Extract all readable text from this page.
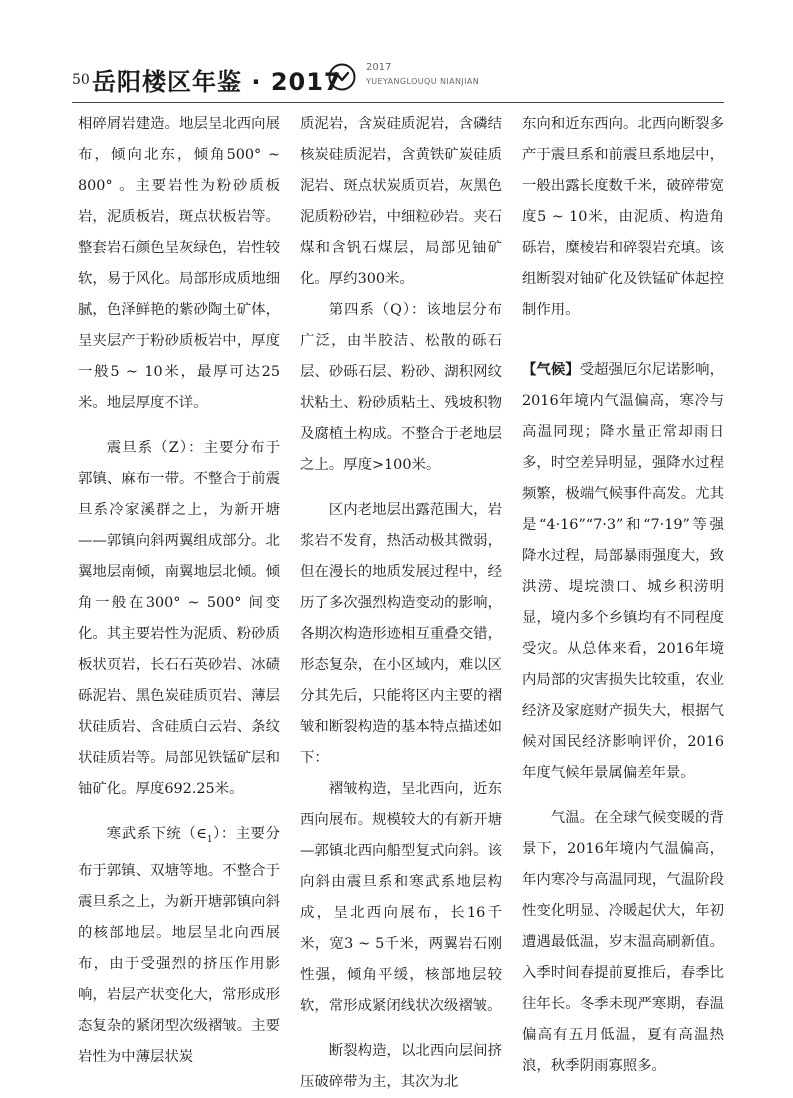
50 岳阳楼区年鉴 · 2017
2017
YUEYANGLOUQU NIANJIAN

相碎屑岩建造。地层呈北西向展布，倾向北东，倾角500° ~ 800° 。主要岩性为粉砂质板岩，泥质板岩，斑点状板岩等。整套岩石颜色呈灰绿色，岩性较软，易于风化。局部形成质地细腻，色泽鲜艳的紫砂陶土矿体，呈夹层产于粉砂质板岩中，厚度一般5 ~ 10米，最厚可达25米。地层厚度不详。

震旦系（Z）：主要分布于郭镇、麻布一带。不整合于前震旦系冷家溪群之上，为新开塘——郭镇向斜两翼组成部分。北翼地层南倾，南翼地层北倾。倾角一般在300° ~ 500° 间变化。其主要岩性为泥质、粉砂质板状页岩，长石石英砂岩、冰碛砾泥岩、黑色炭硅质页岩、薄层状硅质岩、含硅质白云岩、条纹状硅质岩等。局部见铁锰矿层和铀矿化。厚度692.25米。

寒武系下统$(\in_1)$：主要分布于郭镇、双塘等地。不整合于震旦系之上，为新开塘郭镇向斜的核部地层。地层呈北向西展布，由于受强烈的挤压作用影响，岩层产状变化大，常形成形态复杂的紧闭型次级褶皱。主要岩性为中薄层状炭

质泥岩，含炭硅质泥岩，含磷结核炭硅质泥岩，含黄铁矿炭硅质泥岩、斑点状炭质页岩，灰黑色泥质粉砂岩，中细粒砂岩。夹石煤和含钒石煤层，局部见铀矿化。厚约300米。

第四系（Q）：该地层分布广泛，由半胶洁、松散的砾石层、砂砾石层、粉砂、湖积网纹状粘土、粉砂质粘土、残坡积物及腐植土构成。不整合于老地层之上。厚度>100米。

区内老地层出露范围大，岩浆岩不发育，热活动极其微弱，但在漫长的地质发展过程中，经历了多次强烈构造变动的影响，各期次构造形迹相互重叠交错，形态复杂，在小区域内，难以区分其先后，只能将区内主要的褶皱和断裂构造的基本特点描述如下：

褶皱构造，呈北西向，近东西向展布。规模较大的有新开塘—郭镇北西向船型复式向斜。该向斜由震旦系和寒武系地层构成，呈北西向展布，长16千米，宽3 ~ 5千米，两翼岩石刚性强，倾角平缓，核部地层较软，常形成紧闭线状次级褶皱。

断裂构造，以北西向层间挤压破碎带为主，其次为北

东向和近东西向。北西向断裂多产于震旦系和前震旦系地层中，一般出露长度数千米，破碎带宽度5 ~ 10米，由泥质、构造角砾岩，糜棱岩和碎裂岩充填。该组断裂对铀矿化及铁锰矿体起控制作用。

【气候】受超强厄尔尼诺影响，2016年境内气温偏高，寒冷与高温同现；降水量正常却雨日多，时空差异明显，强降水过程频繁，极端气候事件高发。尤其是“4·16”“7·3”和“7·19”等强降水过程，局部暴雨强度大，致洪涝、堤垸溃口、城乡积涝明显，境内多个乡镇均有不同程度受灾。从总体来看，2016年境内局部的灾害损失比较重，农业经济及家庭财产损失大，根据气候对国民经济影响评价，2016年度气候年景属偏差年景。

气温。在全球气候变暖的背景下，2016年境内气温偏高，年内寒冷与高温同现，气温阶段性变化明显、冷暖起伏大，年初遭遇最低温，岁末温高刷新值。入季时间春提前夏推后，春季比往年长。冬季未现严寒期，春温偏高有五月低温，夏有高温热浪，秋季阴雨寡照多。
